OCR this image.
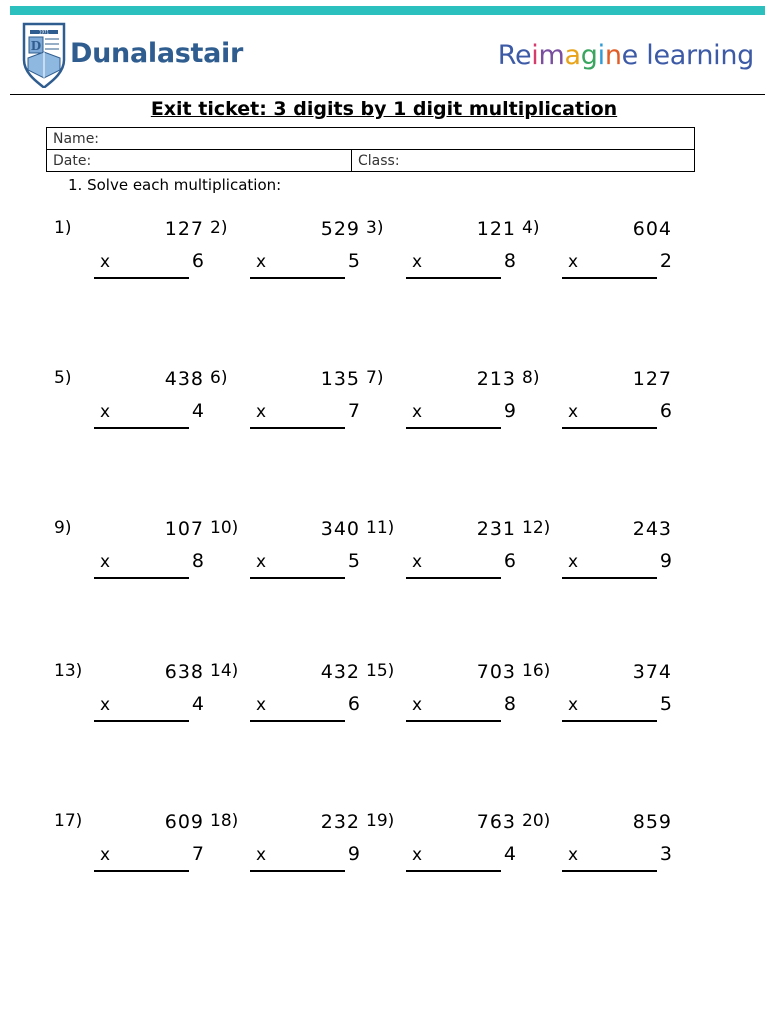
1971
D Dunalastair	Reimagine learning
Exit ticket: 3 digits by 1 digit multiplication
Name:
Date:	Class:
1. Solve each multiplication:
1)	127
x	6
2)	529
x	5
3)	121
x	8
4)	604
x	2
5)	438
x	4
6)	135
x	7
7)	213
x	9
8)	127
x	6
9)	107
x	8
10)	340
x	5
11)	231
x	6
12)	243
x	9
13)	638
x	4
14)	432
x	6
15)	703
x	8
16)	374
x	5
17)	609
x	7
18)	232
x	9
19)	763
x	4
20)	859
x	3
